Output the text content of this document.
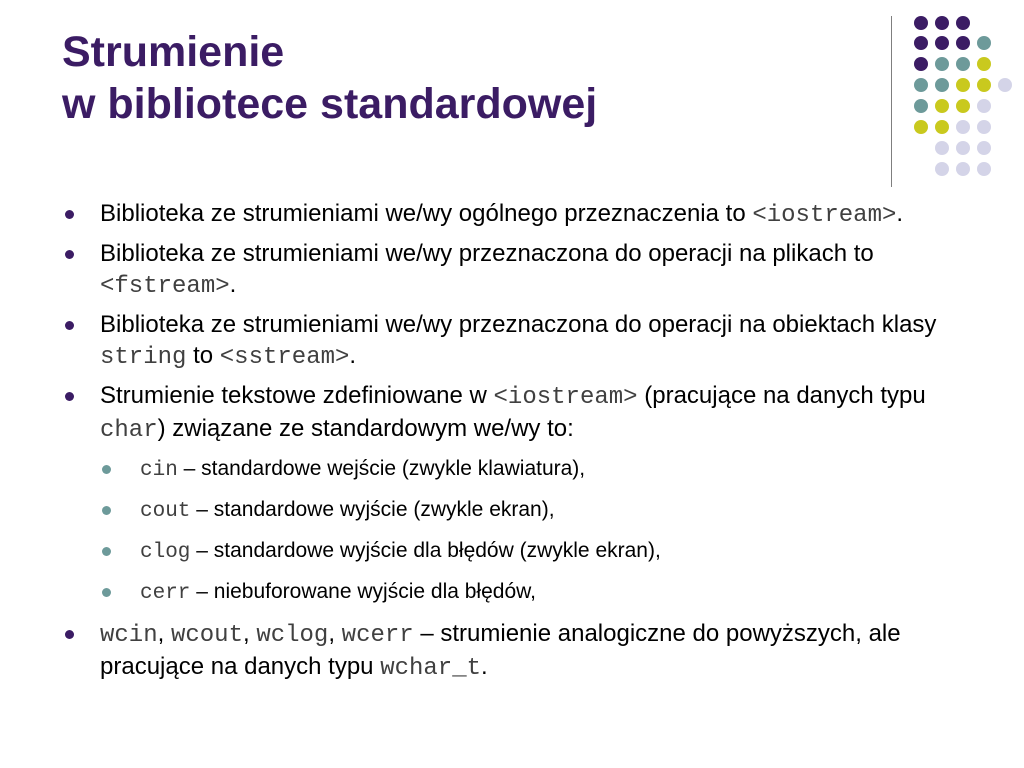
Strumienie
w bibliotece standardowej
Biblioteka ze strumieniami we/wy ogólnego przeznaczenia to <iostream>.
Biblioteka ze strumieniami we/wy przeznaczona do operacji na plikach to <fstream>.
Biblioteka ze strumieniami we/wy przeznaczona do operacji na obiektach klasy string to <sstream>.
Strumienie tekstowe zdefiniowane w <iostream> (pracujące na danych typu char) związane ze standardowym we/wy to:
cin – standardowe wejście (zwykle klawiatura),
cout – standardowe wyjście (zwykle ekran),
clog – standardowe wyjście dla błędów (zwykle ekran),
cerr – niebuforowane wyjście dla błędów,
wcin, wcout, wclog, wcerr – strumienie analogiczne do powyższych, ale pracujące na danych typu wchar_t.
